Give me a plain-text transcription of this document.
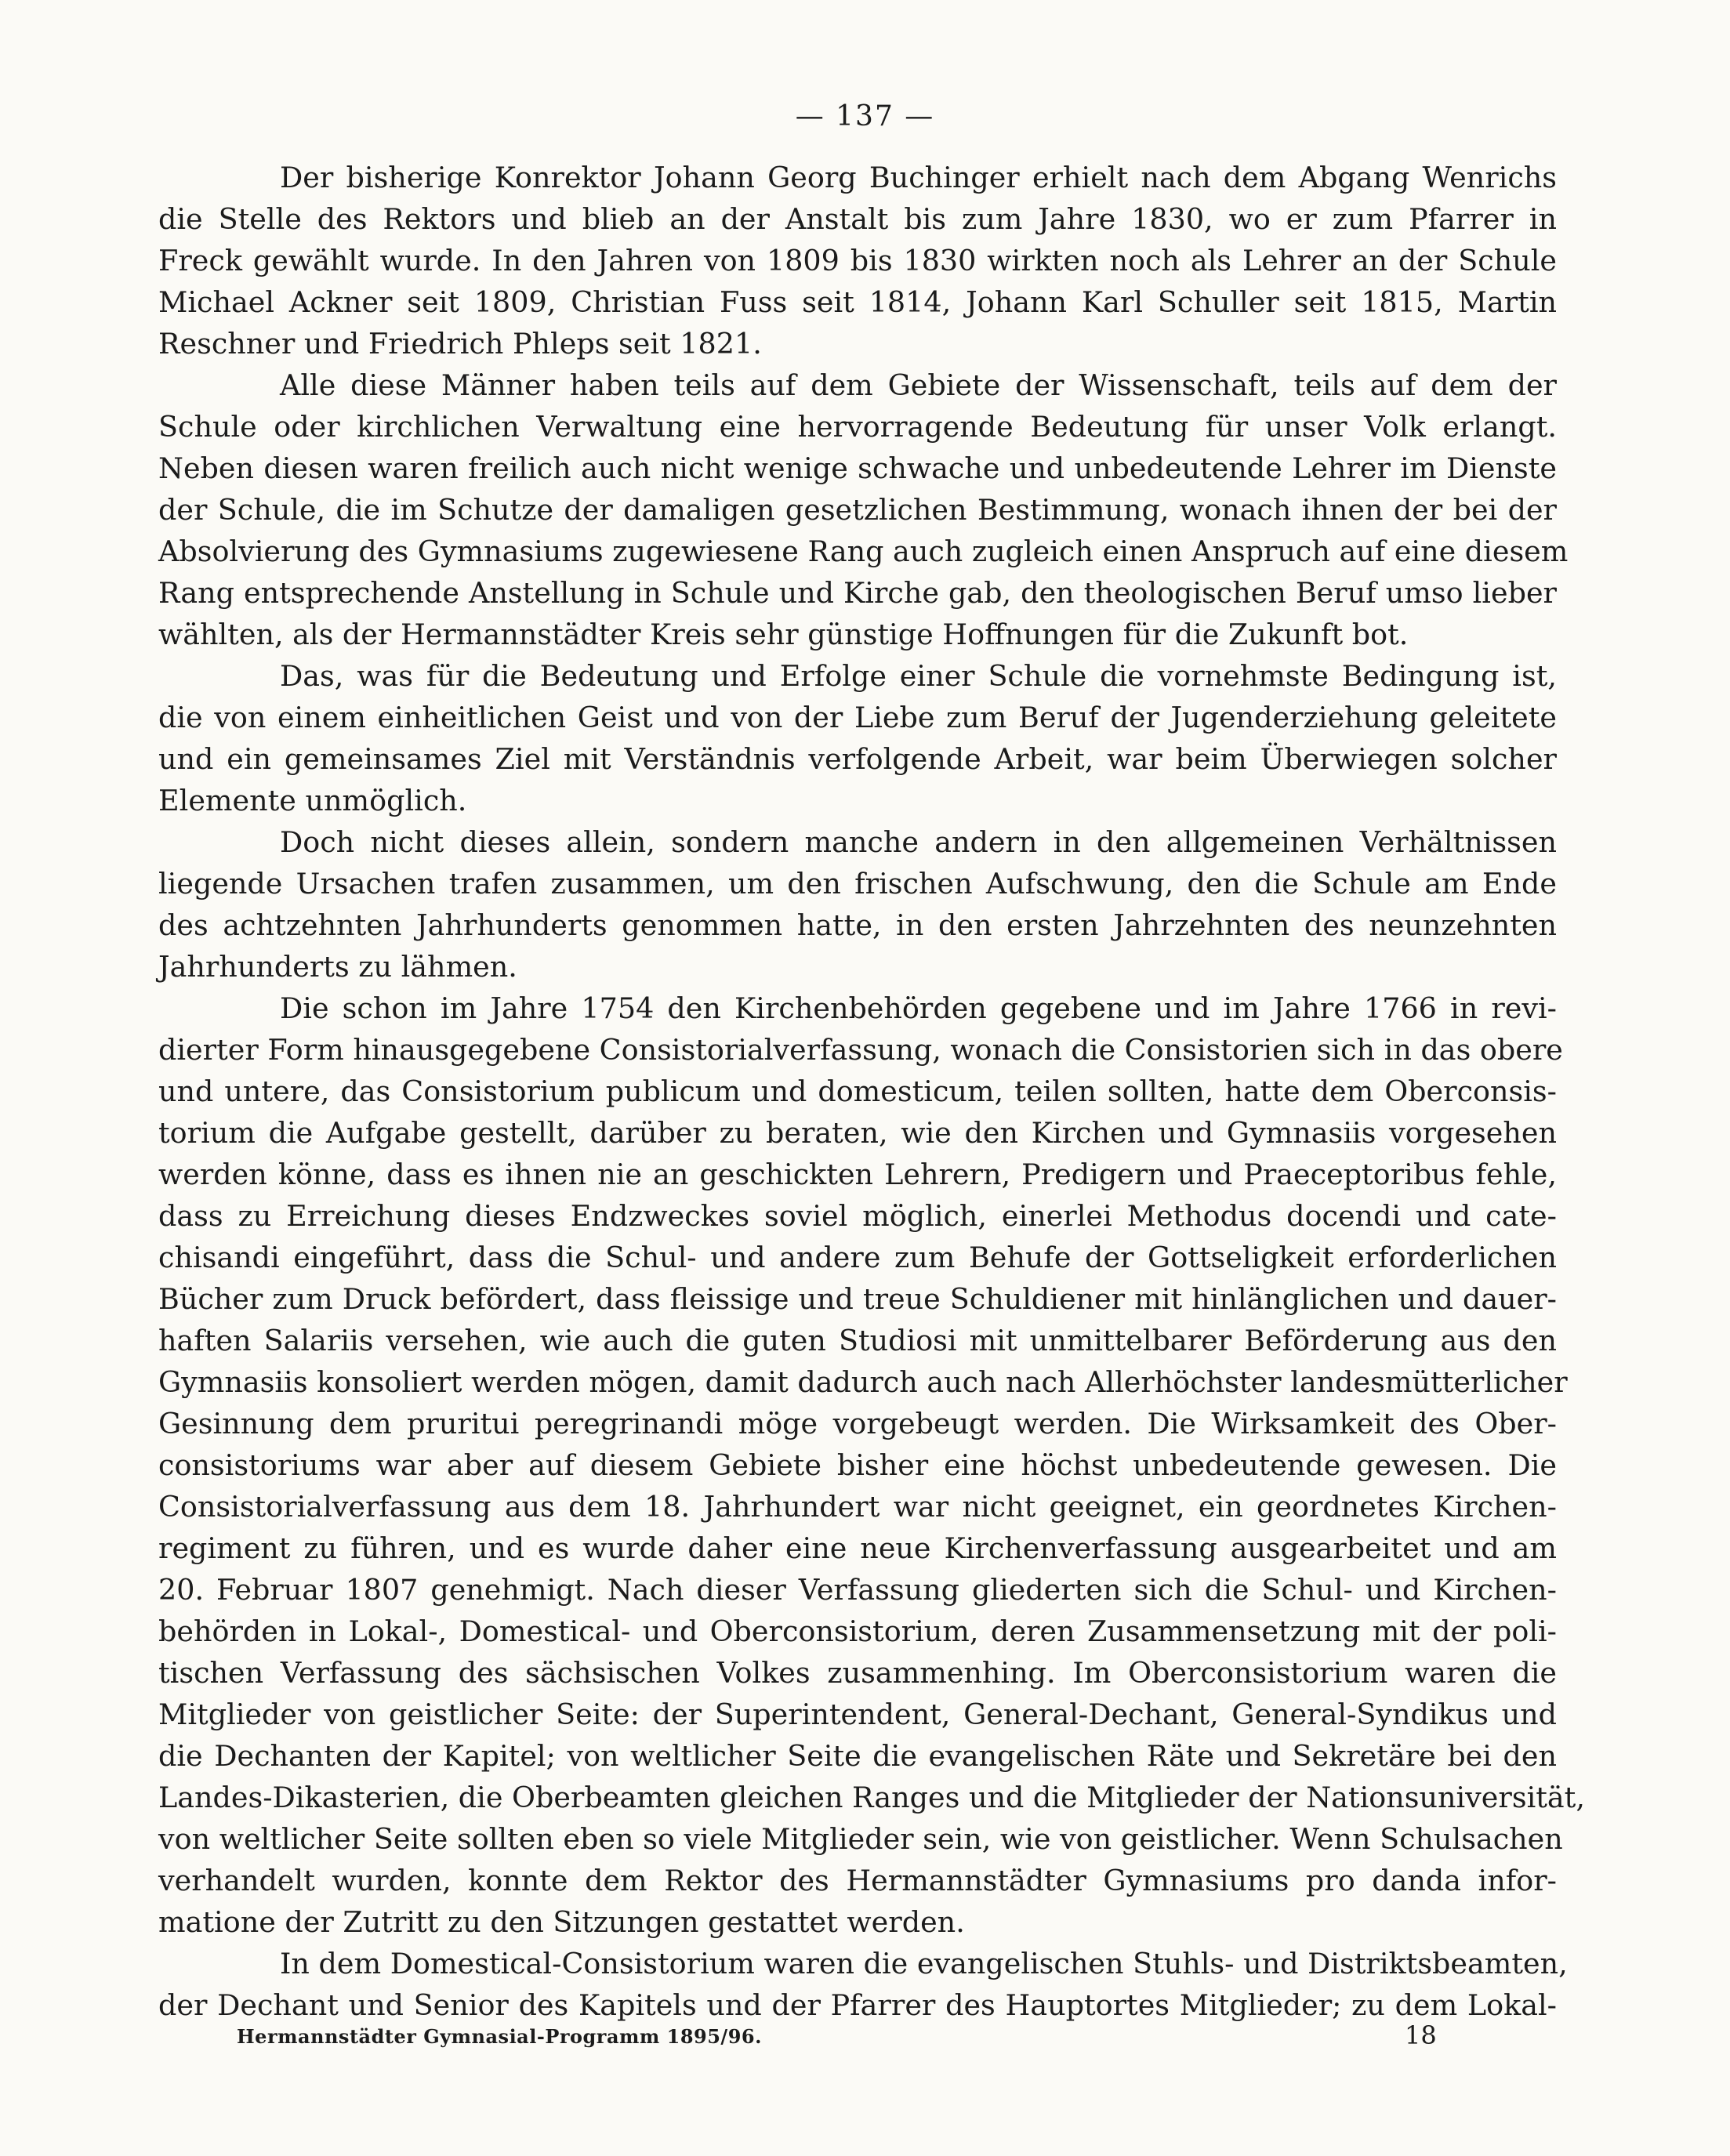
— 137 —
Der bisherige Konrektor Johann Georg Buchinger erhielt nach dem Abgang Wenrichs
die Stelle des Rektors und blieb an der Anstalt bis zum Jahre 1830, wo er zum Pfarrer in
Freck gewählt wurde. In den Jahren von 1809 bis 1830 wirkten noch als Lehrer an der Schule
Michael Ackner seit 1809, Christian Fuss seit 1814, Johann Karl Schuller seit 1815, Martin
Reschner und Friedrich Phleps seit 1821.
Alle diese Männer haben teils auf dem Gebiete der Wissenschaft, teils auf dem der
Schule oder kirchlichen Verwaltung eine hervorragende Bedeutung für unser Volk erlangt.
Neben diesen waren freilich auch nicht wenige schwache und unbedeutende Lehrer im Dienste
der Schule, die im Schutze der damaligen gesetzlichen Bestimmung, wonach ihnen der bei der
Absolvierung des Gymnasiums zugewiesene Rang auch zugleich einen Anspruch auf eine diesem
Rang entsprechende Anstellung in Schule und Kirche gab, den theologischen Beruf umso lieber
wählten, als der Hermannstädter Kreis sehr günstige Hoffnungen für die Zukunft bot.
Das, was für die Bedeutung und Erfolge einer Schule die vornehmste Bedingung ist,
die von einem einheitlichen Geist und von der Liebe zum Beruf der Jugenderziehung geleitete
und ein gemeinsames Ziel mit Verständnis verfolgende Arbeit, war beim Überwiegen solcher
Elemente unmöglich.
Doch nicht dieses allein, sondern manche andern in den allgemeinen Verhältnissen
liegende Ursachen trafen zusammen, um den frischen Aufschwung, den die Schule am Ende
des achtzehnten Jahrhunderts genommen hatte, in den ersten Jahrzehnten des neunzehnten
Jahrhunderts zu lähmen.
Die schon im Jahre 1754 den Kirchenbehörden gegebene und im Jahre 1766 in revi-
dierter Form hinausgegebene Consistorialverfassung, wonach die Consistorien sich in das obere
und untere, das Consistorium publicum und domesticum, teilen sollten, hatte dem Oberconsis-
torium die Aufgabe gestellt, darüber zu beraten, wie den Kirchen und Gymnasiis vorgesehen
werden könne, dass es ihnen nie an geschickten Lehrern, Predigern und Praeceptoribus fehle,
dass zu Erreichung dieses Endzweckes soviel möglich, einerlei Methodus docendi und cate-
chisandi eingeführt, dass die Schul- und andere zum Behufe der Gottseligkeit erforderlichen
Bücher zum Druck befördert, dass fleissige und treue Schuldiener mit hinlänglichen und dauer-
haften Salariis versehen, wie auch die guten Studiosi mit unmittelbarer Beförderung aus den
Gymnasiis konsoliert werden mögen, damit dadurch auch nach Allerhöchster landesmütterlicher
Gesinnung dem pruritui peregrinandi möge vorgebeugt werden. Die Wirksamkeit des Ober-
consistoriums war aber auf diesem Gebiete bisher eine höchst unbedeutende gewesen. Die
Consistorialverfassung aus dem 18. Jahrhundert war nicht geeignet, ein geordnetes Kirchen-
regiment zu führen, und es wurde daher eine neue Kirchenverfassung ausgearbeitet und am
20. Februar 1807 genehmigt. Nach dieser Verfassung gliederten sich die Schul- und Kirchen-
behörden in Lokal-, Domestical- und Oberconsistorium, deren Zusammensetzung mit der poli-
tischen Verfassung des sächsischen Volkes zusammenhing. Im Oberconsistorium waren die
Mitglieder von geistlicher Seite: der Superintendent, General-Dechant, General-Syndikus und
die Dechanten der Kapitel; von weltlicher Seite die evangelischen Räte und Sekretäre bei den
Landes-Dikasterien, die Oberbeamten gleichen Ranges und die Mitglieder der Nationsuniversität,
von weltlicher Seite sollten eben so viele Mitglieder sein, wie von geistlicher. Wenn Schulsachen
verhandelt wurden, konnte dem Rektor des Hermannstädter Gymnasiums pro danda infor-
matione der Zutritt zu den Sitzungen gestattet werden.
In dem Domestical-Consistorium waren die evangelischen Stuhls- und Distriktsbeamten,
der Dechant und Senior des Kapitels und der Pfarrer des Hauptortes Mitglieder; zu dem Lokal-
Hermannstädter Gymnasial-Programm 1895/96.	18
